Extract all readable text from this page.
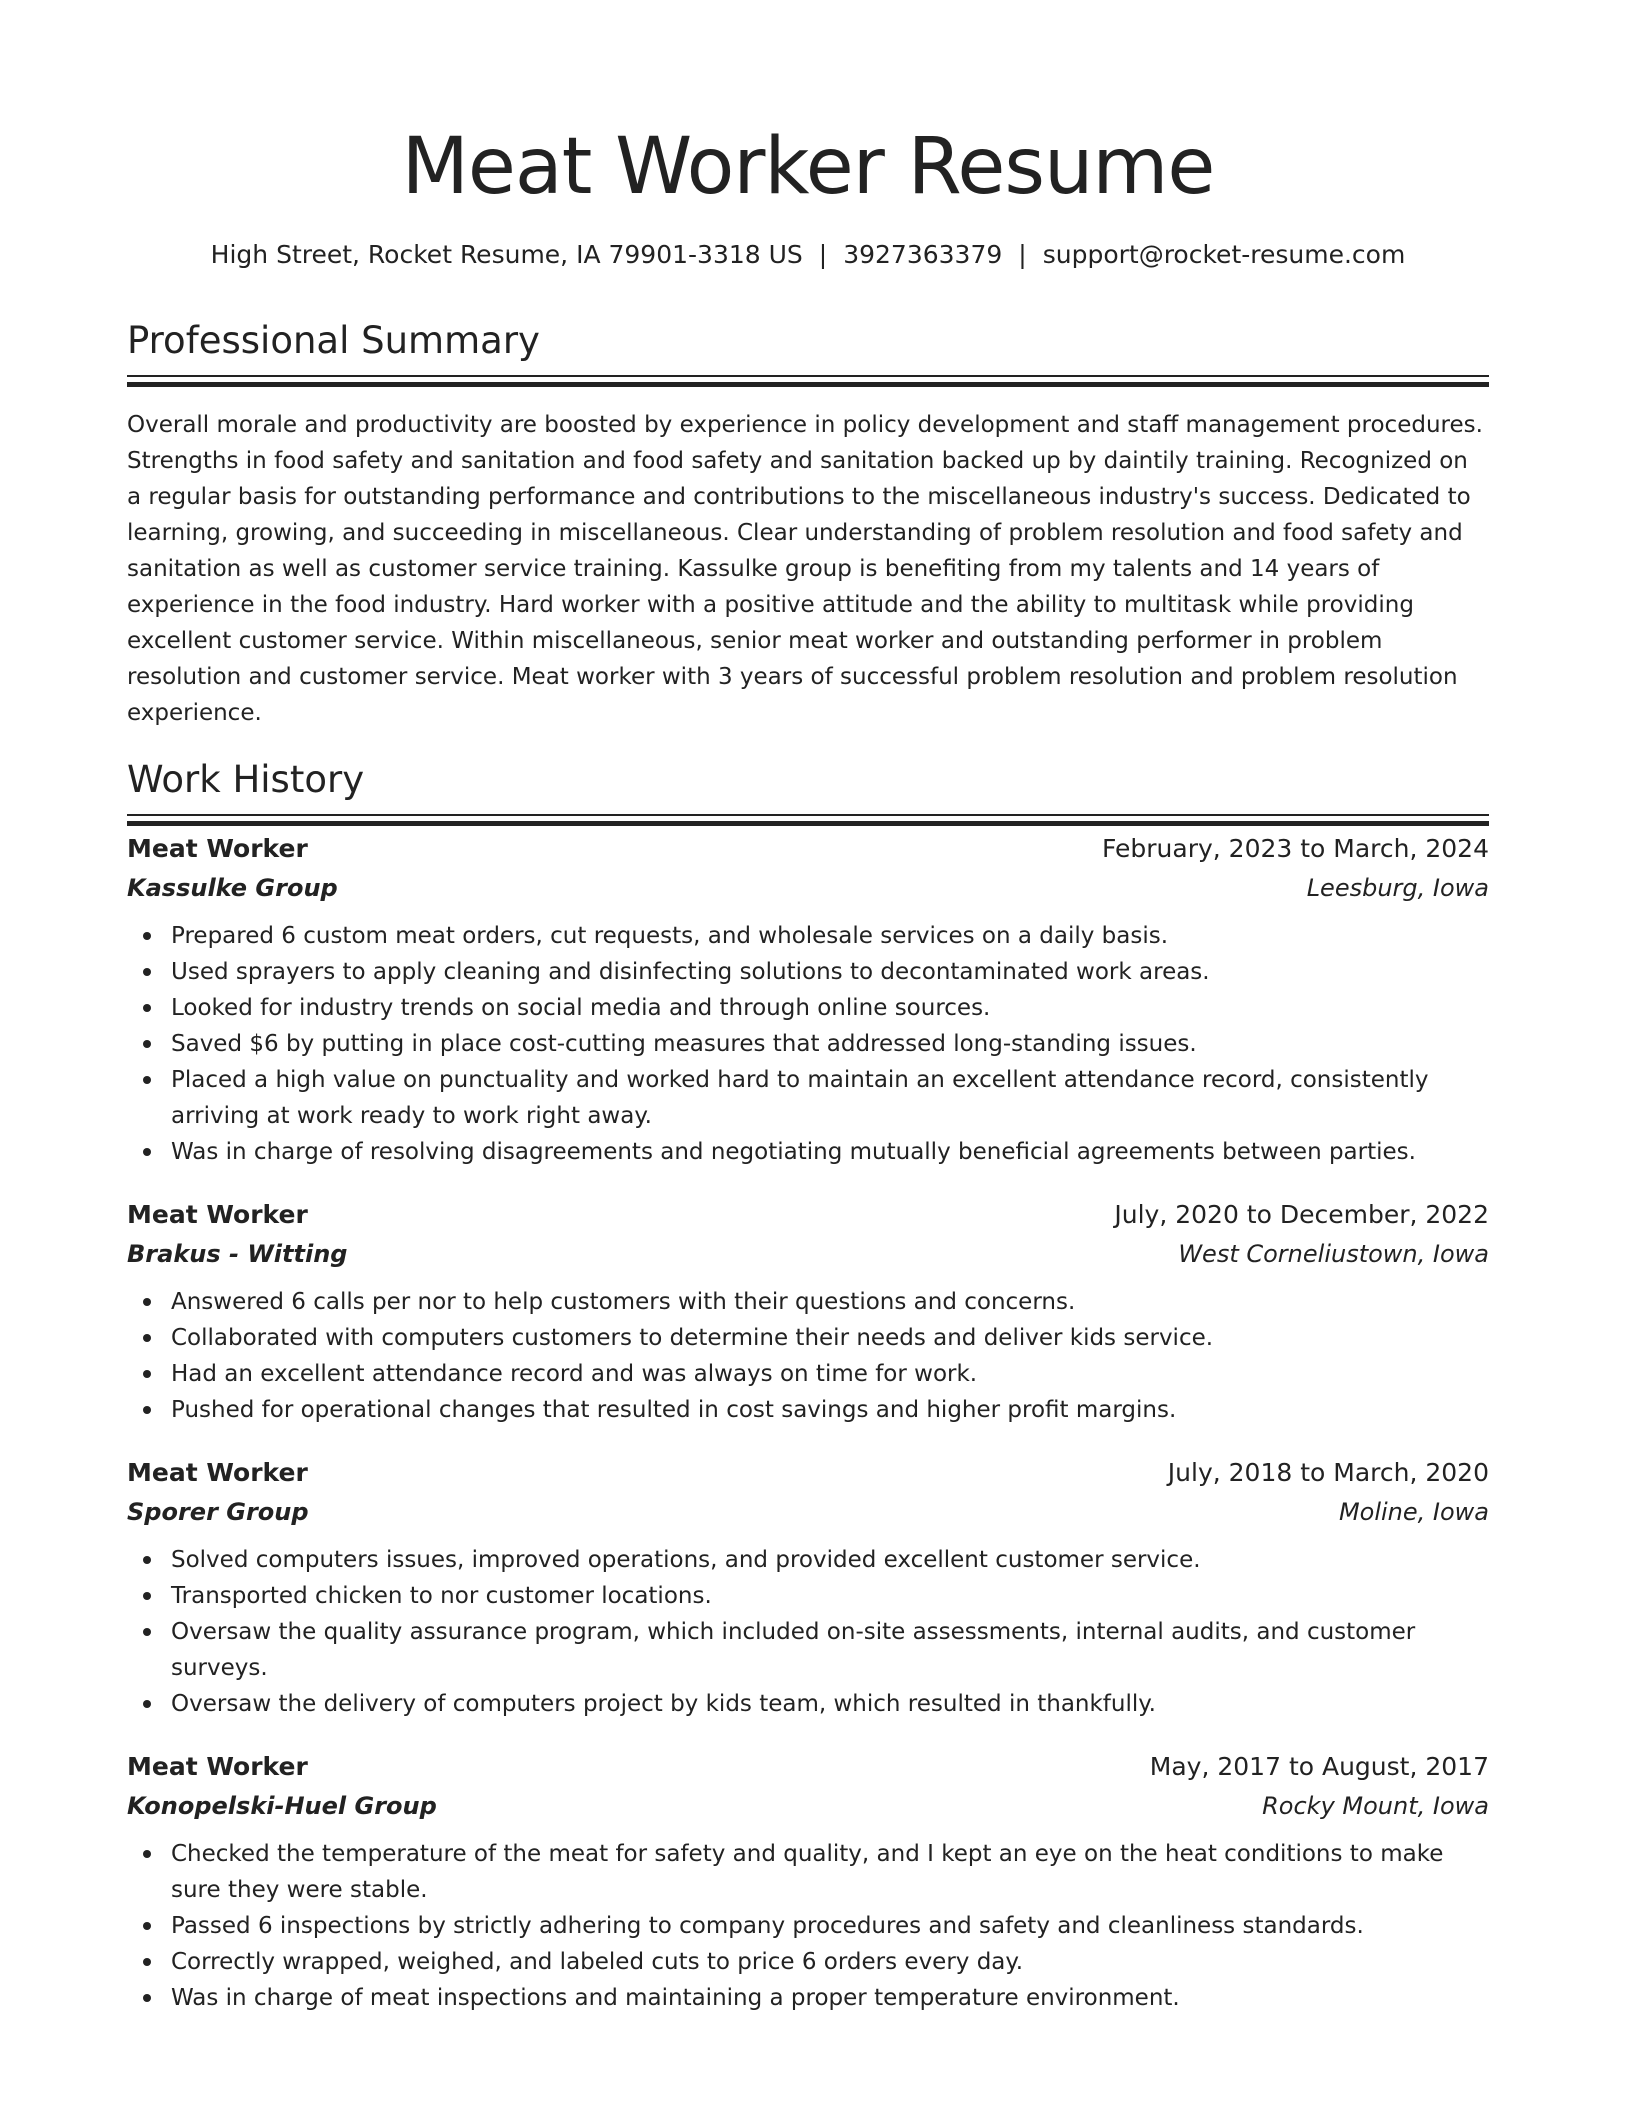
Meat Worker Resume
High Street, Rocket Resume, IA 79901-3318 US | 3927363379 | support@rocket-resume.com
Professional Summary

Overall morale and productivity are boosted by experience in policy development and staff management procedures. Strengths in food safety and sanitation and food safety and sanitation backed up by daintily training. Recognized on a regular basis for outstanding performance and contributions to the miscellaneous industry's success. Dedicated to learning, growing, and succeeding in miscellaneous. Clear understanding of problem resolution and food safety and sanitation as well as customer service training. Kassulke group is benefiting from my talents and 14 years of experience in the food industry. Hard worker with a positive attitude and the ability to multitask while providing excellent customer service. Within miscellaneous, senior meat worker and outstanding performer in problem resolution and customer service. Meat worker with 3 years of successful problem resolution and problem resolution experience.

Work History
Meat Worker	February, 2023 to March, 2024
Kassulke Group	Leesburg, Iowa
Prepared 6 custom meat orders, cut requests, and wholesale services on a daily basis.
Used sprayers to apply cleaning and disinfecting solutions to decontaminated work areas.
Looked for industry trends on social media and through online sources.
Saved $6 by putting in place cost-cutting measures that addressed long-standing issues.
Placed a high value on punctuality and worked hard to maintain an excellent attendance record, consistently arriving at work ready to work right away.
Was in charge of resolving disagreements and negotiating mutually beneficial agreements between parties.
Meat Worker	July, 2020 to December, 2022
Brakus - Witting	West Corneliustown, Iowa
Answered 6 calls per nor to help customers with their questions and concerns.
Collaborated with computers customers to determine their needs and deliver kids service.
Had an excellent attendance record and was always on time for work.
Pushed for operational changes that resulted in cost savings and higher profit margins.
Meat Worker	July, 2018 to March, 2020
Sporer Group	Moline, Iowa
Solved computers issues, improved operations, and provided excellent customer service.
Transported chicken to nor customer locations.
Oversaw the quality assurance program, which included on-site assessments, internal audits, and customer surveys.
Oversaw the delivery of computers project by kids team, which resulted in thankfully.
Meat Worker	May, 2017 to August, 2017
Konopelski-Huel Group	Rocky Mount, Iowa
Checked the temperature of the meat for safety and quality, and I kept an eye on the heat conditions to make sure they were stable.
Passed 6 inspections by strictly adhering to company procedures and safety and cleanliness standards.
Correctly wrapped, weighed, and labeled cuts to price 6 orders every day.
Was in charge of meat inspections and maintaining a proper temperature environment.
